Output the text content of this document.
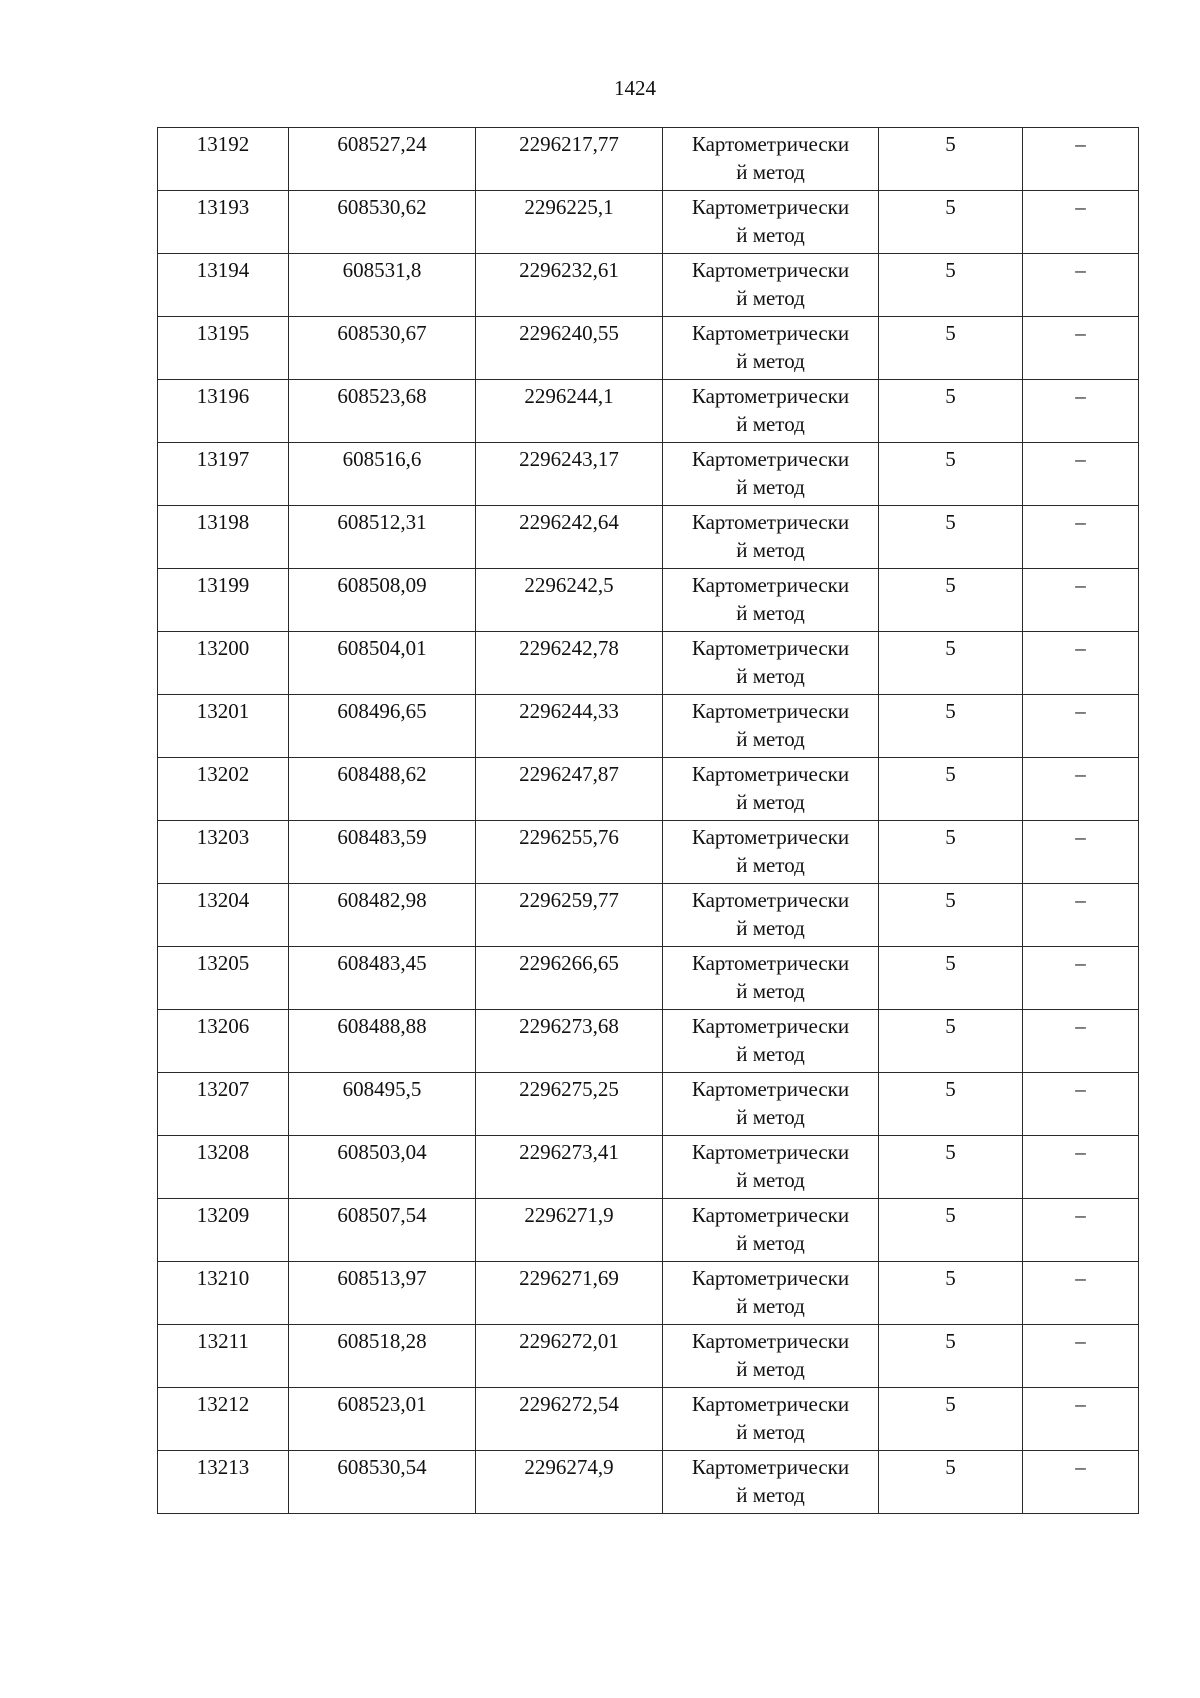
1424
13192	608527,24	2296217,77	Картометрически
й метод	5	–
13193	608530,62	2296225,1	Картометрически
й метод	5	–
13194	608531,8	2296232,61	Картометрически
й метод	5	–
13195	608530,67	2296240,55	Картометрически
й метод	5	–
13196	608523,68	2296244,1	Картометрически
й метод	5	–
13197	608516,6	2296243,17	Картометрически
й метод	5	–
13198	608512,31	2296242,64	Картометрически
й метод	5	–
13199	608508,09	2296242,5	Картометрически
й метод	5	–
13200	608504,01	2296242,78	Картометрически
й метод	5	–
13201	608496,65	2296244,33	Картометрически
й метод	5	–
13202	608488,62	2296247,87	Картометрически
й метод	5	–
13203	608483,59	2296255,76	Картометрически
й метод	5	–
13204	608482,98	2296259,77	Картометрически
й метод	5	–
13205	608483,45	2296266,65	Картометрически
й метод	5	–
13206	608488,88	2296273,68	Картометрически
й метод	5	–
13207	608495,5	2296275,25	Картометрически
й метод	5	–
13208	608503,04	2296273,41	Картометрически
й метод	5	–
13209	608507,54	2296271,9	Картометрически
й метод	5	–
13210	608513,97	2296271,69	Картометрически
й метод	5	–
13211	608518,28	2296272,01	Картометрически
й метод	5	–
13212	608523,01	2296272,54	Картометрически
й метод	5	–
13213	608530,54	2296274,9	Картометрически
й метод	5	–
